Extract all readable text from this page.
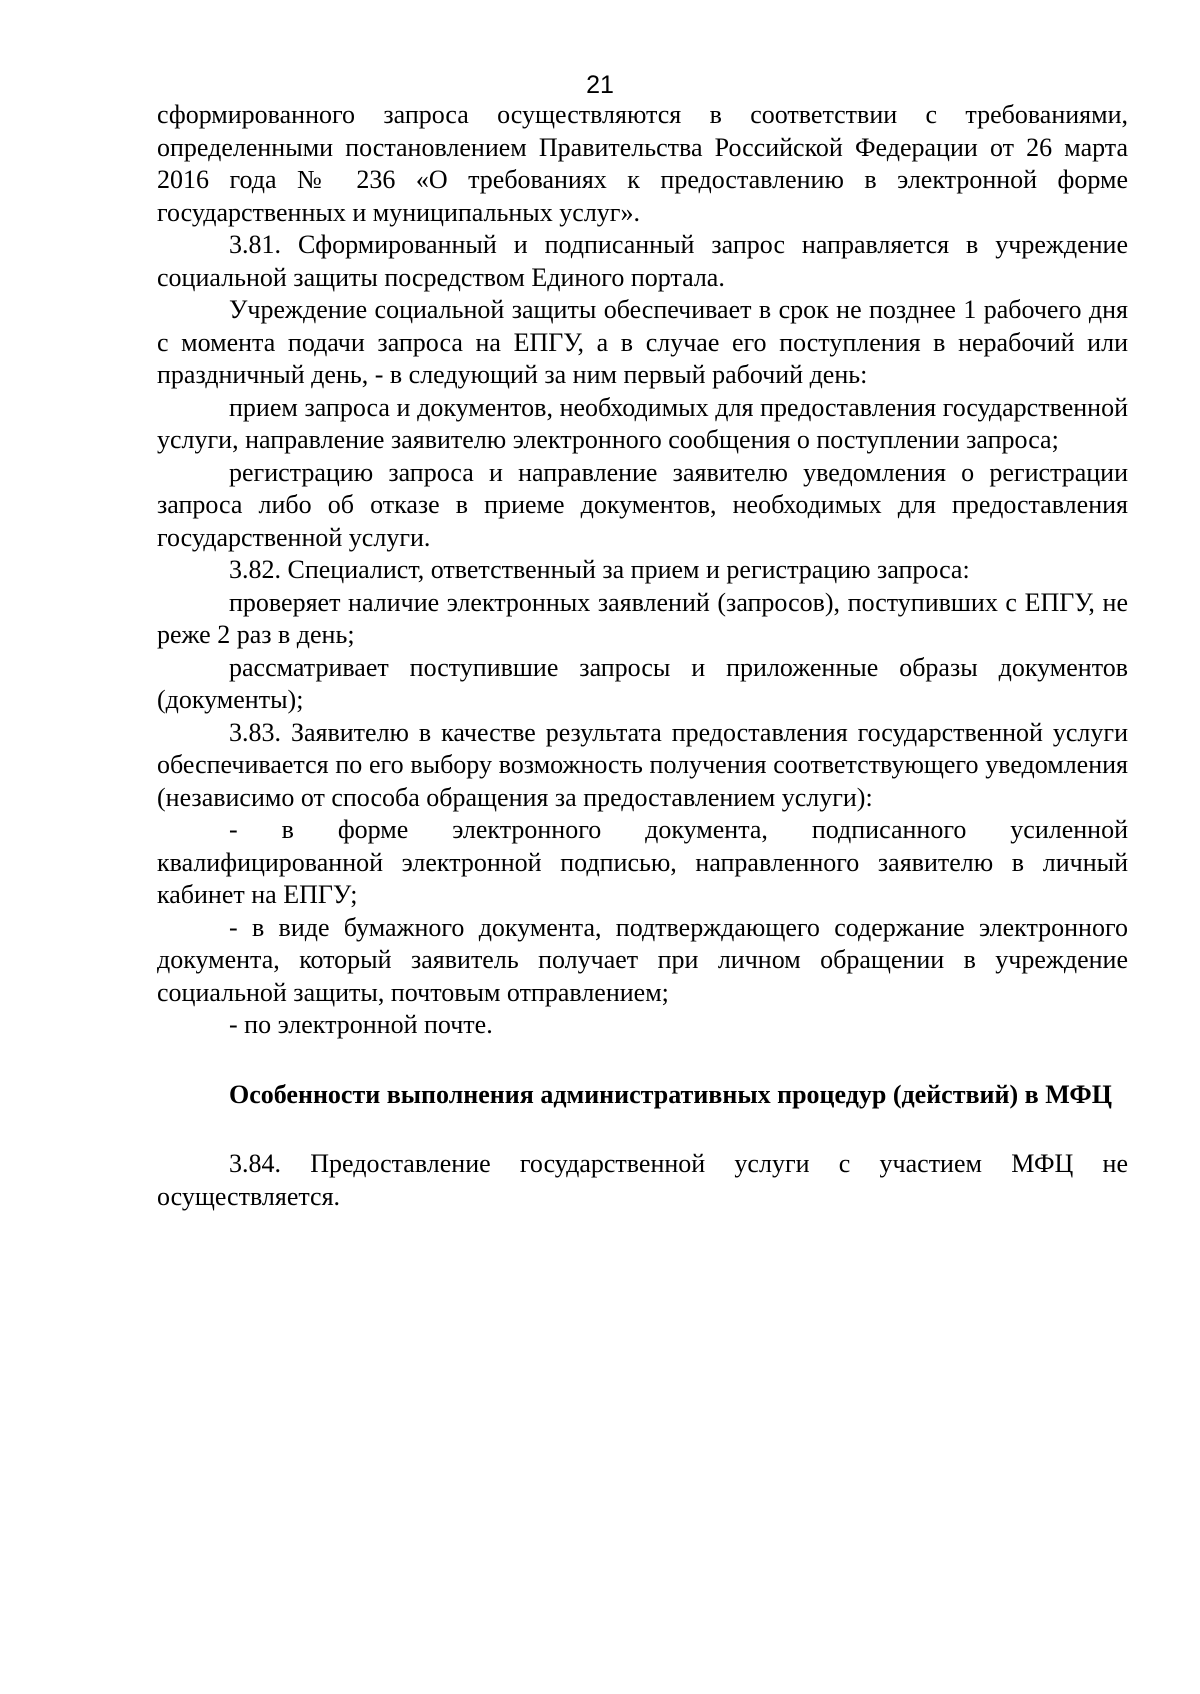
21

сформированного запроса осуществляются в соответствии с требованиями, определенными постановлением Правительства Российской Федерации от 26 марта 2016 года № 236 «О требованиях к предоставлению в электронной форме государственных и муниципальных услуг».

3.81. Сформированный и подписанный запрос направляется в учреждение социальной защиты посредством Единого портала.

Учреждение социальной защиты обеспечивает в срок не позднее 1 рабочего дня с момента подачи запроса на ЕПГУ, а в случае его поступления в нерабочий или праздничный день, - в следующий за ним первый рабочий день:

прием запроса и документов, необходимых для предоставления государственной услуги, направление заявителю электронного сообщения о поступлении запроса;

регистрацию запроса и направление заявителю уведомления о регистрации запроса либо об отказе в приеме документов, необходимых для предоставления государственной услуги.

3.82. Специалист, ответственный за прием и регистрацию запроса:

проверяет наличие электронных заявлений (запросов), поступивших с ЕПГУ, не реже 2 раз в день;

рассматривает поступившие запросы и приложенные образы документов (документы);

3.83. Заявителю в качестве результата предоставления государственной услуги обеспечивается по его выбору возможность получения соответствующего уведомления (независимо от способа обращения за предоставлением услуги):

- в форме электронного документа, подписанного усиленной квалифицированной электронной подписью, направленного заявителю в личный кабинет на ЕПГУ;

- в виде бумажного документа, подтверждающего содержание электронного документа, который заявитель получает при личном обращении в учреждение социальной защиты, почтовым отправлением;

- по электронной почте.

Особенности выполнения административных процедур (действий) в МФЦ

3.84. Предоставление государственной услуги с участием МФЦ не осуществляется.
